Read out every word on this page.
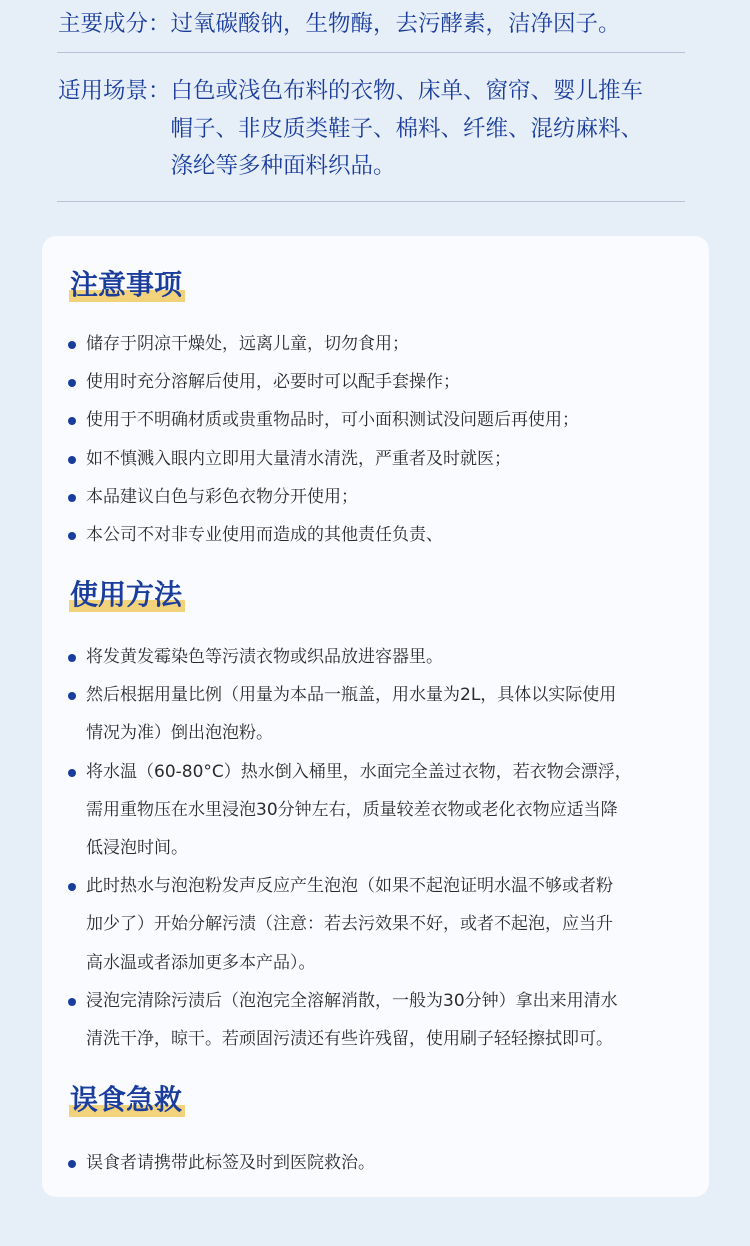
主要成分： 过氧碳酸钠，生物酶，去污酵素，洁净因子。
适用场景： 白色或浅色布料的衣物、床单、窗帘、婴儿推车
帽子、非皮质类鞋子、棉料、纤维、混纺麻料、
涤纶等多种面料织品。
注意事项
储存于阴凉干燥处，远离儿童，切勿食用；
使用时充分溶解后使用，必要时可以配手套操作；
使用于不明确材质或贵重物品时，可小面积测试没问题后再使用；
如不慎溅入眼内立即用大量清水清洗，严重者及时就医；
本品建议白色与彩色衣物分开使用；
本公司不对非专业使用而造成的其他责任负责、
使用方法
将发黄发霉染色等污渍衣物或织品放进容器里。
然后根据用量比例（用量为本品一瓶盖，用水量为2L，具体以实际使用
情况为准）倒出泡泡粉。
将水温（60-80°C）热水倒入桶里，水面完全盖过衣物，若衣物会漂浮，
需用重物压在水里浸泡30分钟左右，质量较差衣物或老化衣物应适当降
低浸泡时间。
此时热水与泡泡粉发声反应产生泡泡（如果不起泡证明水温不够或者粉
加少了）开始分解污渍（注意：若去污效果不好，或者不起泡，应当升
高水温或者添加更多本产品）。
浸泡完清除污渍后（泡泡完全溶解消散，一般为30分钟）拿出来用清水
清洗干净，晾干。若顽固污渍还有些许残留，使用刷子轻轻擦拭即可。
误食急救
误食者请携带此标签及时到医院救治。
